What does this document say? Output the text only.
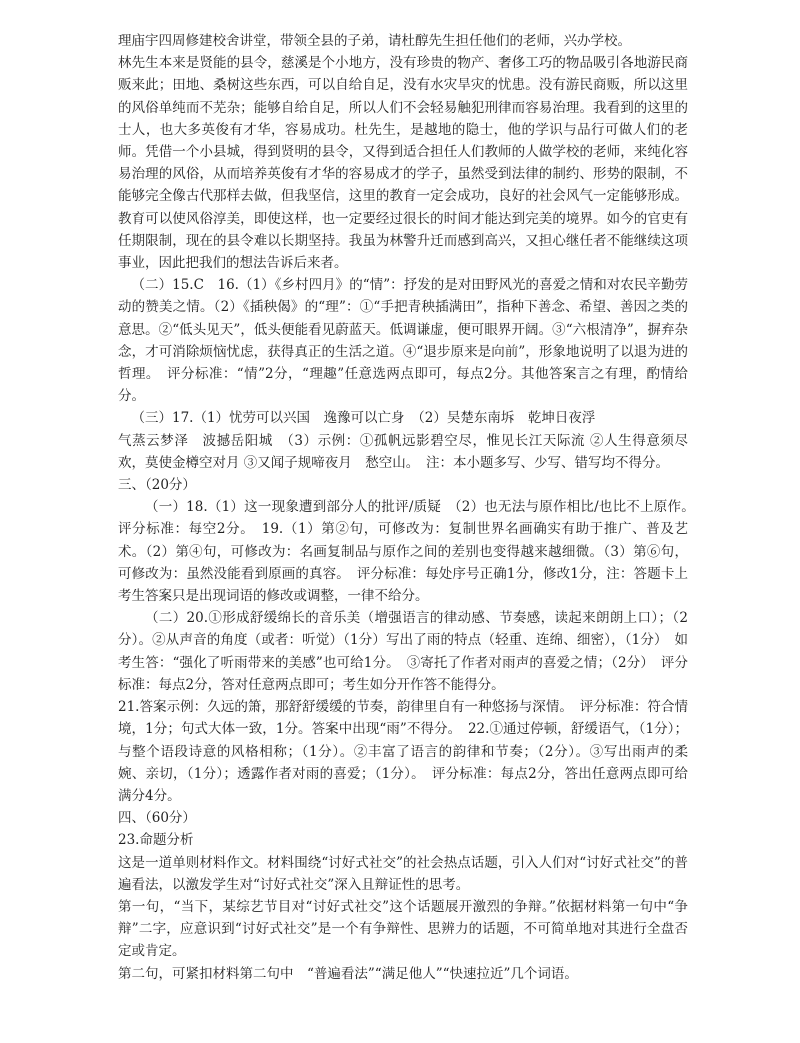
理庙宇四周修建校舍讲堂，带领全县的子弟，请杜醇先生担任他们的老师，兴办学校。

林先生本来是贤能的县令，慈溪是个小地方，没有珍贵的物产、奢侈工巧的物品吸引各地游民商贩来此；田地、桑树这些东西，可以自给自足，没有水灾旱灾的忧患。没有游民商贩，所以这里的风俗单纯而不芜杂；能够自给自足，所以人们不会轻易触犯刑律而容易治理。我看到的这里的士人，也大多英俊有才华，容易成功。杜先生，是越地的隐士，他的学识与品行可做人们的老师。凭借一个小县城，得到贤明的县令，又得到适合担任人们教师的人做学校的老师，来纯化容易治理的风俗，从而培养英俊有才华的容易成才的学子，虽然受到法律的制约、形势的限制，不能够完全像古代那样去做，但我坚信，这里的教育一定会成功，良好的社会风气一定能够形成。教育可以使风俗淳美，即使这样，也一定要经过很长的时间才能达到完美的境界。如今的官吏有任期限制，现在的县令难以长期坚持。我虽为林警升迁而感到高兴，又担心继任者不能继续这项事业，因此把我们的想法告诉后来者。

（二）15.C　16.（1）《乡村四月》的“情”：抒发的是对田野风光的喜爱之情和对农民辛勤劳动的赞美之情。（2）《插秧偈》的“理”：①“手把青秧插满田”，指种下善念、希望、善因之类的意思。②“低头见天”，低头便能看见蔚蓝天。低调谦虚，便可眼界开阔。③“六根清净”，摒弃杂念，才可消除烦恼忧虑，获得真正的生活之道。④“退步原来是向前”，形象地说明了以退为进的哲理。　评分标准：“情”2分，“理趣”任意选两点即可，每点2分。其他答案言之有理，酌情给分。

（三）17.（1）忧劳可以兴国　逸豫可以亡身　（2）吴楚东南坼　乾坤日夜浮

气蒸云梦泽　波撼岳阳城　（3）示例：①孤帆远影碧空尽，惟见长江天际流 ②人生得意须尽欢，莫使金樽空对月 ③又闻子规啼夜月　愁空山。　注：本小题多写、少写、错写均不得分。

三、（20分）

（一）18.（1）这一现象遭到部分人的批评/质疑　（2）也无法与原作相比/也比不上原作。　评分标准：每空2分。　19.（1）第②句，可修改为：复制世界名画确实有助于推广、普及艺术。（2）第④句，可修改为：名画复制品与原作之间的差别也变得越来越细微。（3）第⑥句，可修改为：虽然没能看到原画的真容。　评分标准：每处序号正确1分，修改1分，注：答题卡上考生答案只是出现词语的修改或调整，一律不给分。

（二）20.①形成舒缓绵长的音乐美（增强语言的律动感、节奏感，读起来朗朗上口）；（2分）。②从声音的角度（或者：听觉）（1分）写出了雨的特点（轻重、连绵、细密），（1分）　如考生答：“强化了听雨带来的美感”也可给1分。　③寄托了作者对雨声的喜爱之情；（2分）　评分标准：每点2分，答对任意两点即可；考生如分开作答不能得分。

21.答案示例：久远的箫，那舒舒缓缓的节奏，韵律里自有一种悠扬与深情。　评分标准：符合情境，1分；句式大体一致，1分。答案中出现“雨”不得分。　22.①通过停顿，舒缓语气，（1分）；与整个语段诗意的风格相称；（1分）。②丰富了语言的韵律和节奏；（2分）。③写出雨声的柔婉、亲切，（1分）；透露作者对雨的喜爱；（1分）。　评分标准：每点2分，答出任意两点即可给满分4分。

四、（60分）

23.命题分析

这是一道单则材料作文。材料围绕“讨好式社交”的社会热点话题，引入人们对“讨好式社交”的普遍看法，以激发学生对“讨好式社交”深入且辩证性的思考。

第一句，“当下，某综艺节目对“讨好式社交”这个话题展开激烈的争辩。”依据材料第一句中“争辩”二字，应意识到“讨好式社交”是一个有争辩性、思辨力的话题，不可简单地对其进行全盘否定或肯定。

第二句，可紧扣材料第二句中　“普遍看法”“满足他人”“快速拉近”几个词语。
